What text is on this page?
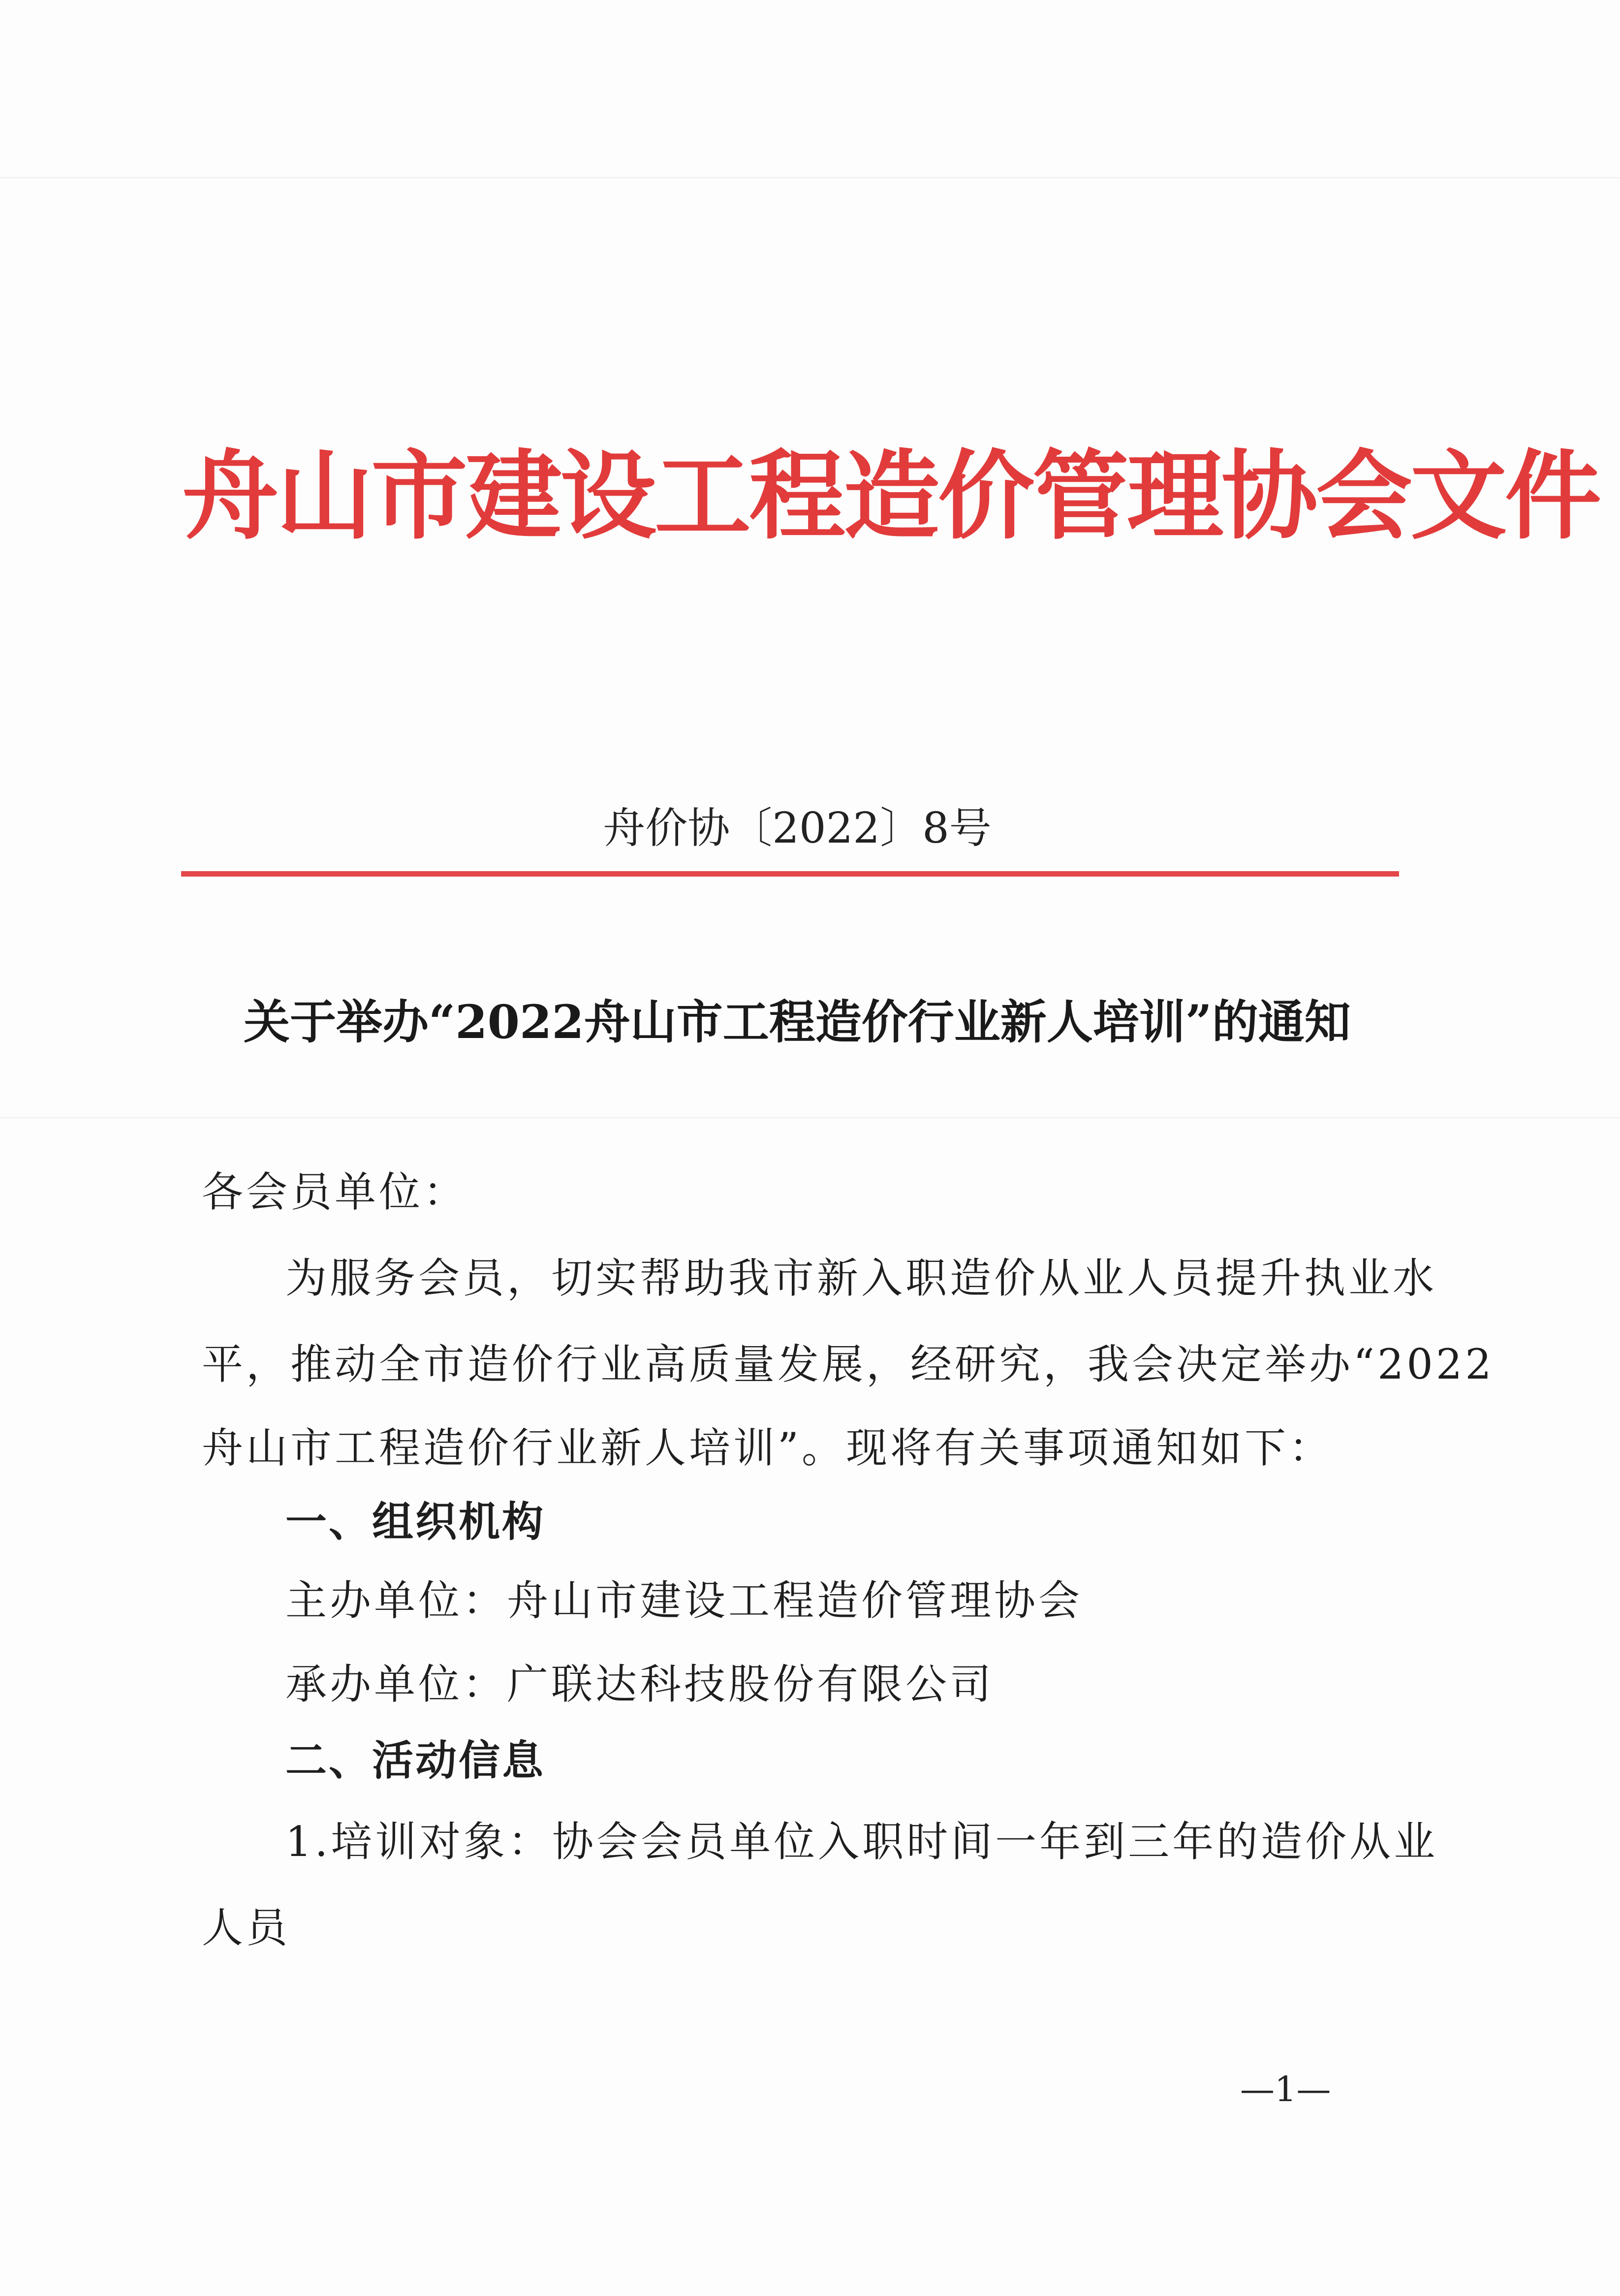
舟山市建设工程造价管理协会文件
舟价协〔2022〕8号
关于举办“2022舟山市工程造价行业新人培训”的通知
各会员单位：
为服务会员，切实帮助我市新入职造价从业人员提升执业水
平，推动全市造价行业高质量发展，经研究，我会决定举办“2022
舟山市工程造价行业新人培训”。现将有关事项通知如下：
一、组织机构
主办单位：舟山市建设工程造价管理协会
承办单位：广联达科技股份有限公司
二、活动信息
1.培训对象：协会会员单位入职时间一年到三年的造价从业
人员
—1—
